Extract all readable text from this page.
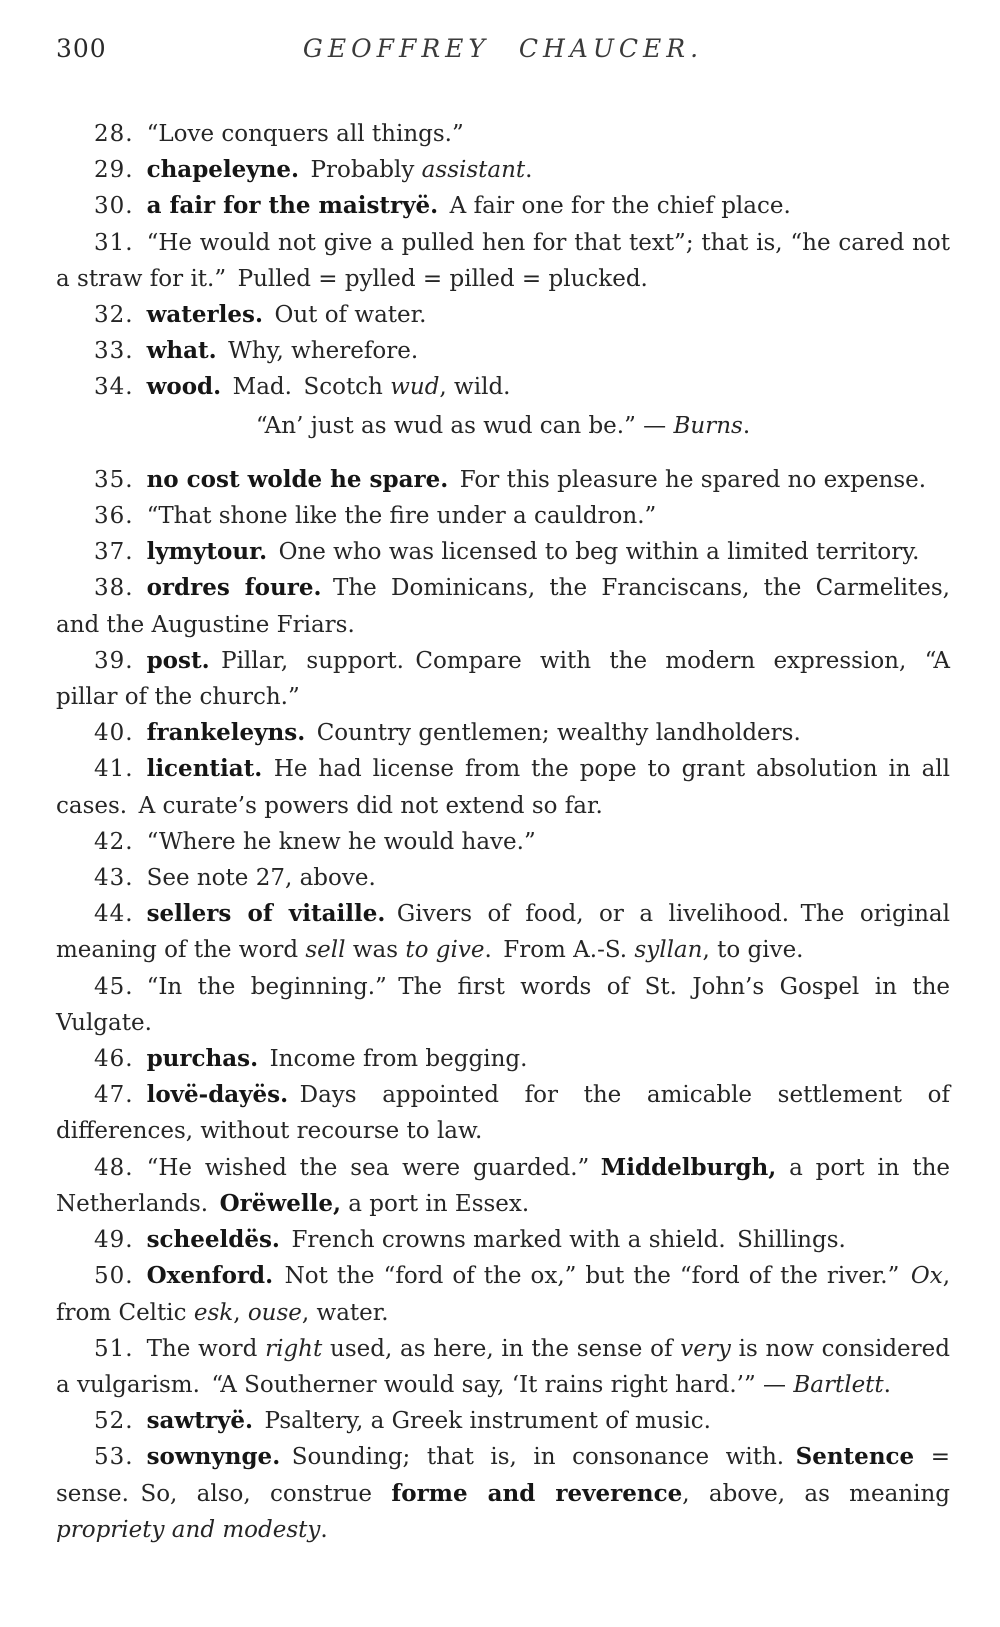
300	GEOFFREY CHAUCER.

28. “Love conquers all things.”

29. chapeleyne. Probably assistant.

30. a fair for the maistryë. A fair one for the chief place.

31. “He would not give a pulled hen for that text”; that is, “he cared not a straw for it.” Pulled = pylled = pilled = plucked.

32. waterles. Out of water.

33. what. Why, wherefore.

34. wood. Mad. Scotch wud, wild.

“An’ just as wud as wud can be.” — Burns.

35. no cost wolde he spare. For this pleasure he spared no expense.

36. “That shone like the fire under a cauldron.”

37. lymytour. One who was licensed to beg within a limited territory.

38. ordres foure. The Dominicans, the Franciscans, the Carmelites, and the Augustine Friars.

39. post. Pillar, support. Compare with the modern expression, “A pillar of the church.”

40. frankeleyns. Country gentlemen; wealthy landholders.

41. licentiat. He had license from the pope to grant absolution in all cases. A curate’s powers did not extend so far.

42. “Where he knew he would have.”

43. See note 27, above.

44. sellers of vitaille. Givers of food, or a livelihood. The original meaning of the word sell was to give. From A.-S. syllan, to give.

45. “In the beginning.” The first words of St. John’s Gospel in the Vulgate.

46. purchas. Income from begging.

47. lovë-dayës. Days appointed for the amicable settlement of differences, without recourse to law.

48. “He wished the sea were guarded.” Middelburgh, a port in the Netherlands. Orëwelle, a port in Essex.

49. scheeldës. French crowns marked with a shield. Shillings.

50. Oxenford. Not the “ford of the ox,” but the “ford of the river.” Ox, from Celtic esk, ouse, water.

51. The word right used, as here, in the sense of very is now considered a vulgarism. “A Southerner would say, ‘It rains right hard.’” — Bartlett.

52. sawtryë. Psaltery, a Greek instrument of music.

53. sownynge. Sounding; that is, in consonance with. Sentence = sense. So, also, construe forme and reverence, above, as meaning propriety and modesty.
